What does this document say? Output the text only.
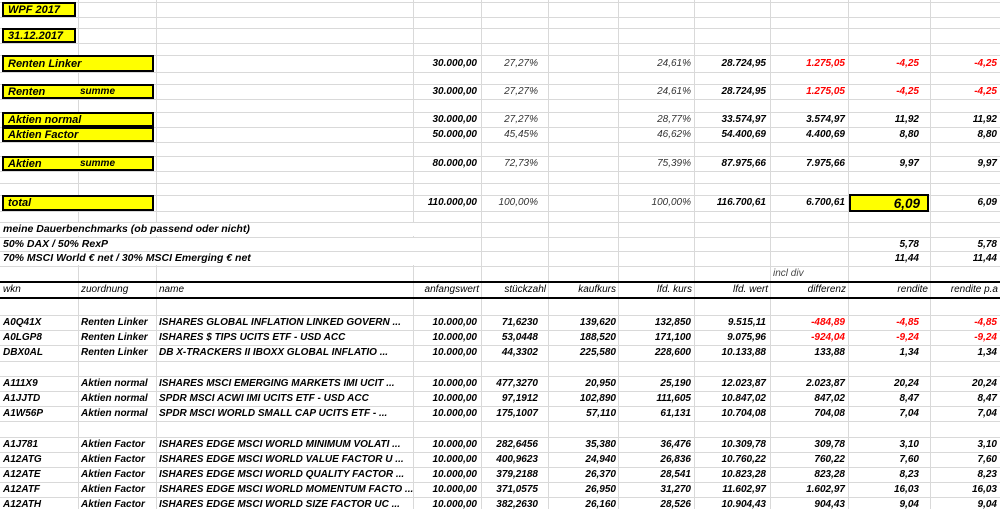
WPF 2017
31.12.2017
Renten Linker	30.000,00	27,27%	24,61%	28.724,95	1.275,05	-4,25	-4,25
Renten	summe	30.000,00	27,27%	24,61%	28.724,95	1.275,05	-4,25	-4,25
Aktien normal	30.000,00	27,27%	28,77%	33.574,97	3.574,97	11,92	11,92
Aktien Factor	50.000,00	45,45%	46,62%	54.400,69	4.400,69	8,80	8,80
Aktien	summe	80.000,00	72,73%	75,39%	87.975,66	7.975,66	9,97	9,97
total	110.000,00	100,00%	100,00%	116.700,61	6.700,61	6,09	6,09
meine Dauerbenchmarks (ob passend oder nicht)
50% DAX / 50% RexP	5,78	5,78
70% MSCI World € net / 30% MSCI Emerging € net	11,44	11,44
incl div
wkn	zuordnung	name	anfangswert	stückzahl	kaufkurs	lfd. kurs	lfd. wert	differenz	rendite	rendite p.a
A0Q41X	Renten Linker	ISHARES GLOBAL INFLATION LINKED GOVERN ...	10.000,00	71,6230	139,620	132,850	9.515,11	-484,89	-4,85	-4,85
A0LGP8	Renten Linker	ISHARES $ TIPS UCITS ETF - USD ACC	10.000,00	53,0448	188,520	171,100	9.075,96	-924,04	-9,24	-9,24
DBX0AL	Renten Linker	DB X-TRACKERS II IBOXX GLOBAL INFLATIO ...	10.000,00	44,3302	225,580	228,600	10.133,88	133,88	1,34	1,34
A111X9	Aktien normal	ISHARES MSCI EMERGING MARKETS IMI UCIT ...	10.000,00	477,3270	20,950	25,190	12.023,87	2.023,87	20,24	20,24
A1JJTD	Aktien normal	SPDR MSCI ACWI IMI UCITS ETF - USD ACC	10.000,00	97,1912	102,890	111,605	10.847,02	847,02	8,47	8,47
A1W56P	Aktien normal	SPDR MSCI WORLD SMALL CAP UCITS ETF - ...	10.000,00	175,1007	57,110	61,131	10.704,08	704,08	7,04	7,04
A1J781	Aktien Factor	ISHARES EDGE MSCI WORLD MINIMUM VOLATI ...	10.000,00	282,6456	35,380	36,476	10.309,78	309,78	3,10	3,10
A12ATG	Aktien Factor	ISHARES EDGE MSCI WORLD VALUE FACTOR U ...	10.000,00	400,9623	24,940	26,836	10.760,22	760,22	7,60	7,60
A12ATE	Aktien Factor	ISHARES EDGE MSCI WORLD QUALITY FACTOR ...	10.000,00	379,2188	26,370	28,541	10.823,28	823,28	8,23	8,23
A12ATF	Aktien Factor	ISHARES EDGE MSCI WORLD MOMENTUM FACTO ...	10.000,00	371,0575	26,950	31,270	11.602,97	1.602,97	16,03	16,03
A12ATH	Aktien Factor	ISHARES EDGE MSCI WORLD SIZE FACTOR UC ...	10.000,00	382,2630	26,160	28,526	10.904,43	904,43	9,04	9,04
